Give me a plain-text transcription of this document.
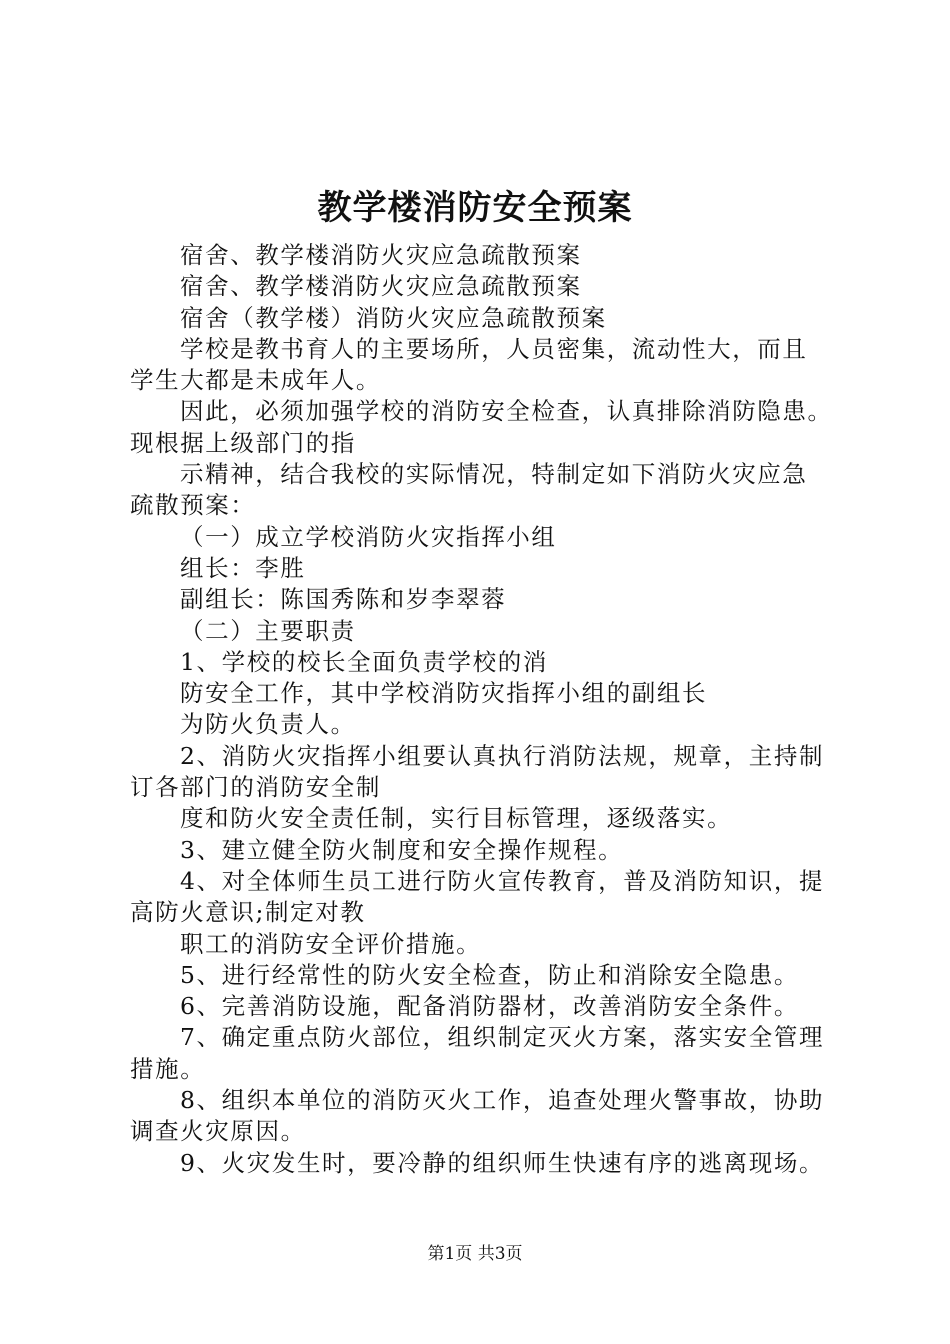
教学楼消防安全预案
宿舍、教学楼消防火灾应急疏散预案
宿舍、教学楼消防火灾应急疏散预案
宿舍（教学楼）消防火灾应急疏散预案
学校是教书育人的主要场所，人员密集，流动性大，而且
学生大都是未成年人。
因此，必须加强学校的消防安全检查，认真排除消防隐患。
现根据上级部门的指
示精神，结合我校的实际情况，特制定如下消防火灾应急
疏散预案：
（一）成立学校消防火灾指挥小组
组长：李胜
副组长：陈国秀陈和岁李翠蓉
（二）主要职责
1、学校的校长全面负责学校的消
防安全工作，其中学校消防灾指挥小组的副组长
为防火负责人。
2、消防火灾指挥小组要认真执行消防法规，规章，主持制
订各部门的消防安全制
度和防火安全责任制，实行目标管理，逐级落实。
3、建立健全防火制度和安全操作规程。
4、对全体师生员工进行防火宣传教育，普及消防知识，提
高防火意识;制定对教
职工的消防安全评价措施。
5、进行经常性的防火安全检查，防止和消除安全隐患。
6、完善消防设施，配备消防器材，改善消防安全条件。
7、确定重点防火部位，组织制定灭火方案，落实安全管理
措施。
8、组织本单位的消防灭火工作，追查处理火警事故，协助
调查火灾原因。
9、火灾发生时，要冷静的组织师生快速有序的逃离现场。
第1页 共3页
